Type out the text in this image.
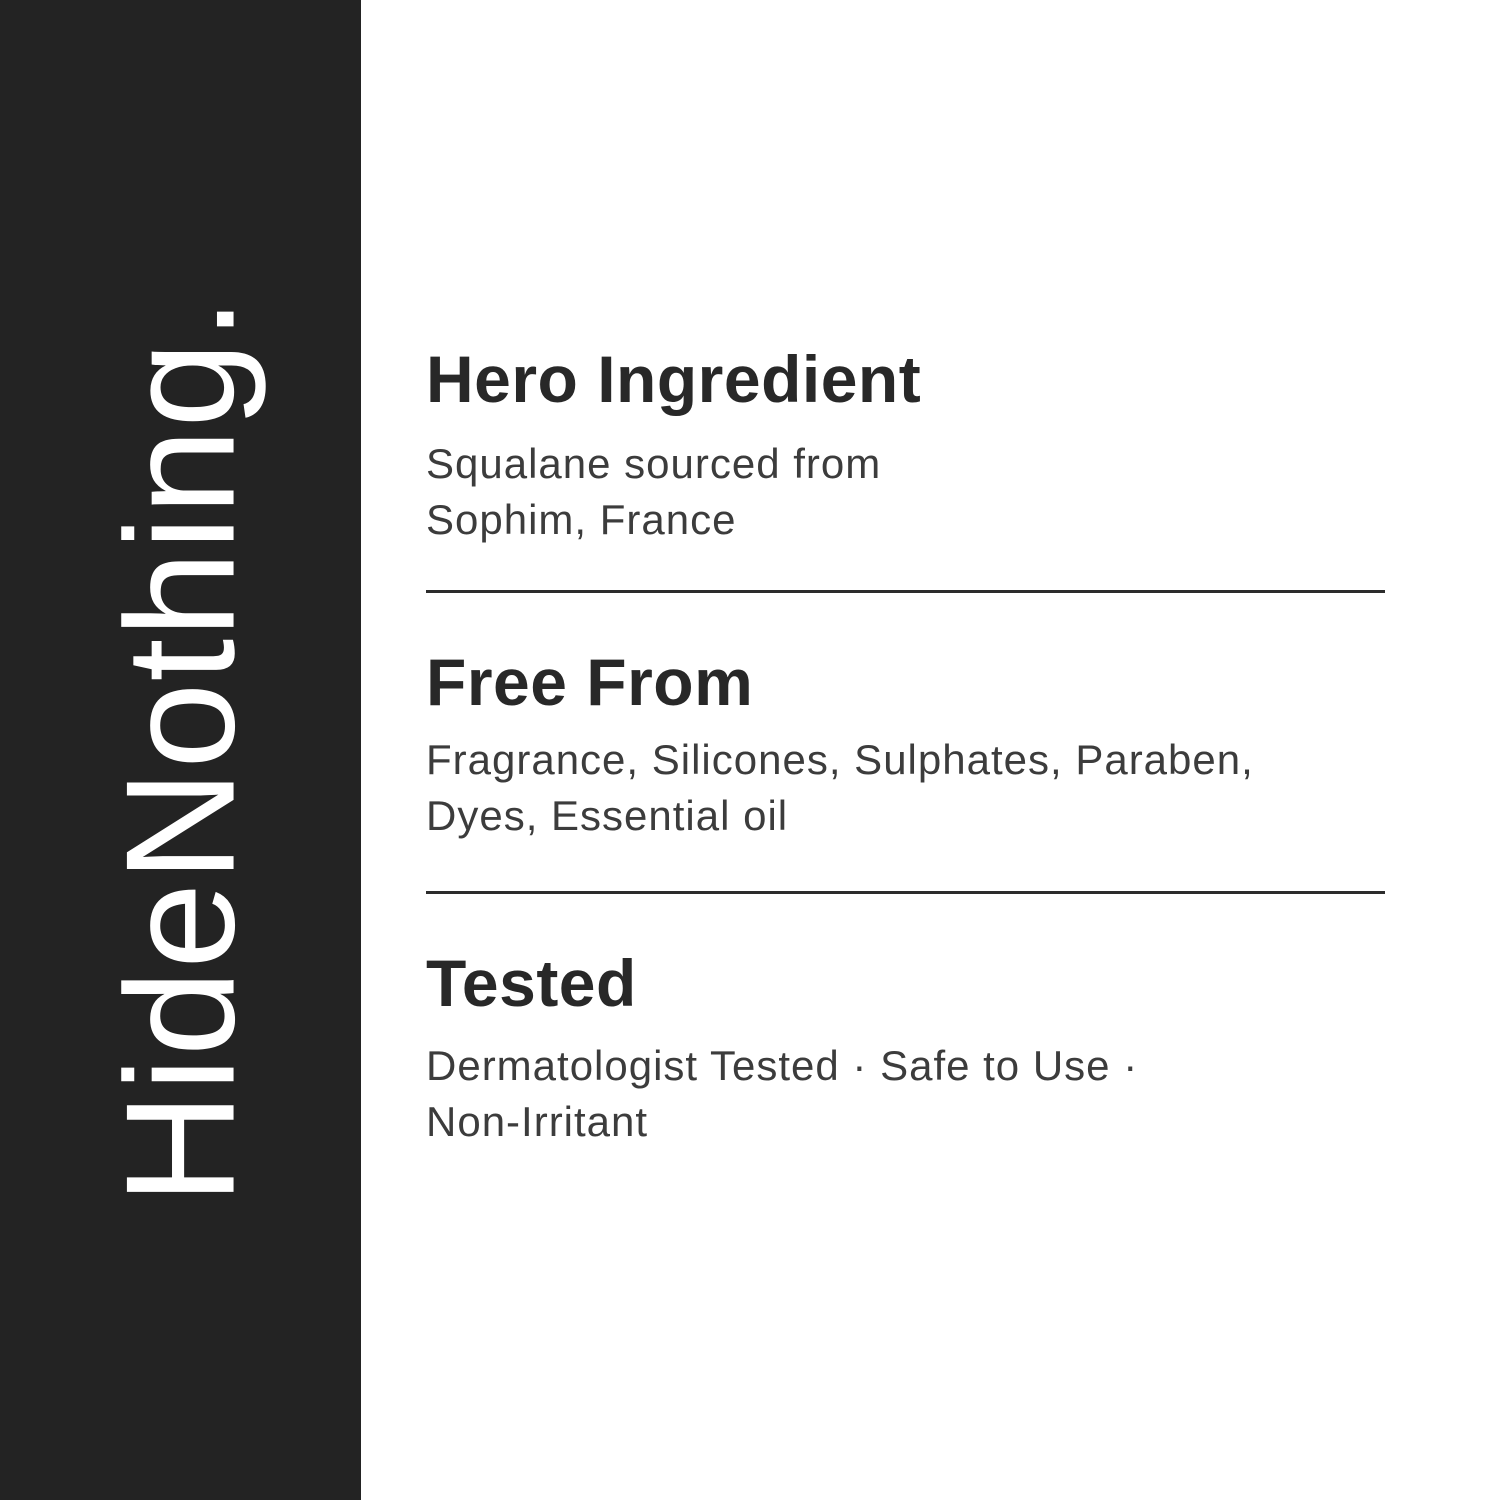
HideNothing. Hero Ingredient

Squalane sourced from
Sophim, France

Free From

Fragrance, Silicones, Sulphates, Paraben,
Dyes, Essential oil

Tested

Dermatologist Tested · Safe to Use ·
Non-Irritant
